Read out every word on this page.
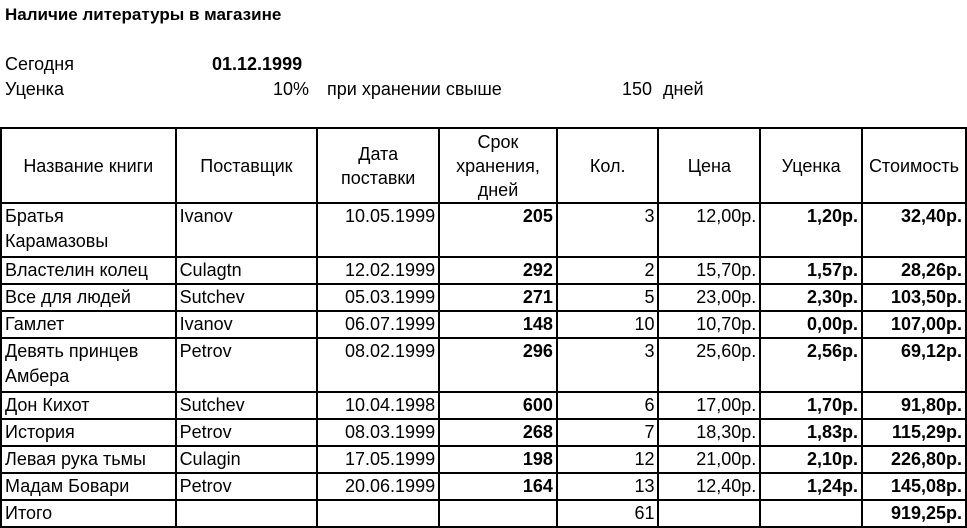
Наличие литературы в магазине
Сегодня	01.12.1999
Уценка	10% при хранении свыше	150 дней
Название книги	Поставщик	Дата поставки	Срок хранения, дней	Кол.	Цена	Уценка	Стоимость
Братья Карамазовы	Ivanov	10.05.1999	205	3	12,00р.	1,20р.	32,40р.
Властелин колец	Culagtn	12.02.1999	292	2	15,70р.	1,57р.	28,26р.
Все для людей	Sutchev	05.03.1999	271	5	23,00р.	2,30р.	103,50р.
Гамлет	Ivanov	06.07.1999	148	10	10,70р.	0,00р.	107,00р.
Девять принцев Амбера	Petrov	08.02.1999	296	3	25,60р.	2,56р.	69,12р.
Дон Кихот	Sutchev	10.04.1998	600	6	17,00р.	1,70р.	91,80р.
История	Petrov	08.03.1999	268	7	18,30р.	1,83р.	115,29р.
Левая рука тьмы	Culagin	17.05.1999	198	12	21,00р.	2,10р.	226,80р.
Мадам Бовари	Petrov	20.06.1999	164	13	12,40р.	1,24р.	145,08р.
Итого				61			919,25р.
